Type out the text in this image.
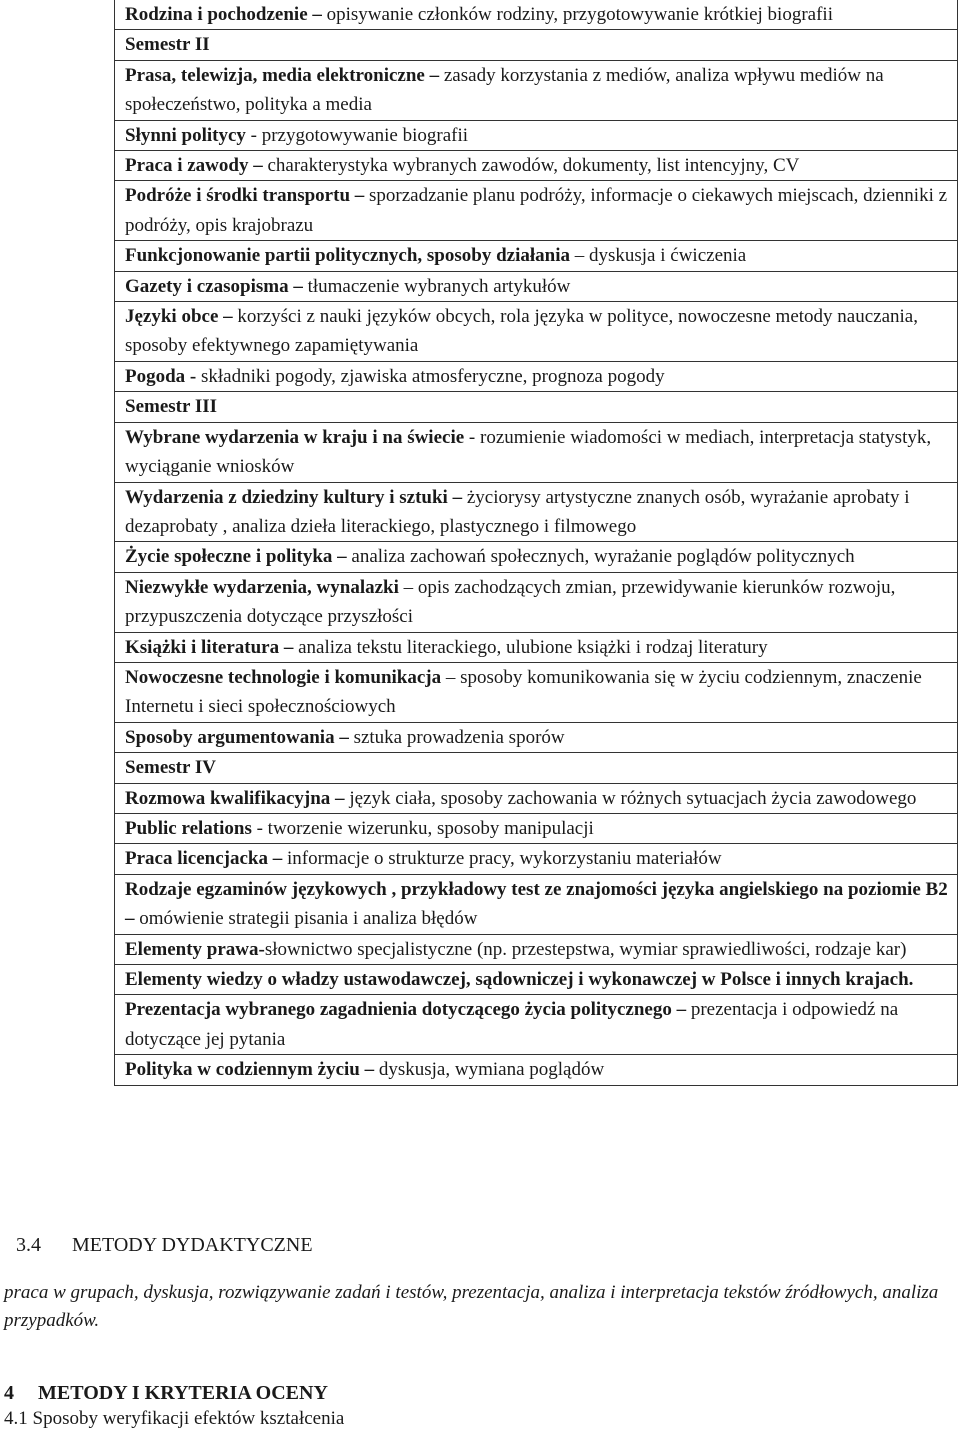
Rodzina i pochodzenie – opisywanie członków rodziny, przygotowywanie krótkiej biografii
Semestr II
Prasa, telewizja, media elektroniczne – zasady korzystania z mediów, analiza wpływu mediów na społeczeństwo, polityka a media
Słynni politycy - przygotowywanie biografii
Praca i zawody – charakterystyka wybranych zawodów, dokumenty, list intencyjny, CV
Podróże i środki transportu – sporzadzanie planu podróży, informacje o ciekawych miejscach, dzienniki z podróży, opis krajobrazu
Funkcjonowanie partii politycznych, sposoby działania – dyskusja i ćwiczenia
Gazety i czasopisma – tłumaczenie wybranych artykułów
Języki obce – korzyści z nauki języków obcych, rola języka w polityce, nowoczesne metody nauczania, sposoby efektywnego zapamiętywania
Pogoda - składniki pogody, zjawiska atmosferyczne, prognoza pogody
Semestr III
Wybrane wydarzenia w kraju i na świecie - rozumienie wiadomości w mediach, interpretacja statystyk, wyciąganie wniosków
Wydarzenia z dziedziny kultury i sztuki – życiorysy artystyczne znanych osób, wyrażanie aprobaty i dezaprobaty , analiza dzieła literackiego, plastycznego i filmowego
Życie społeczne i polityka – analiza zachowań społecznych, wyrażanie poglądów politycznych
Niezwykłe wydarzenia, wynalazki – opis zachodzących zmian, przewidywanie kierunków rozwoju, przypuszczenia dotyczące przyszłości
Książki i literatura – analiza tekstu literackiego, ulubione książki i rodzaj literatury
Nowoczesne technologie i komunikacja – sposoby komunikowania się w życiu codziennym, znaczenie Internetu i sieci społecznościowych
Sposoby argumentowania – sztuka prowadzenia sporów
Semestr IV
Rozmowa kwalifikacyjna – język ciała, sposoby zachowania w różnych sytuacjach życia zawodowego
Public relations - tworzenie wizerunku, sposoby manipulacji
Praca licencjacka – informacje o strukturze pracy, wykorzystaniu materiałów
Rodzaje egzaminów językowych , przykładowy test ze znajomości języka angielskiego na poziomie B2 – omówienie strategii pisania i analiza błędów
Elementy prawa-słownictwo specjalistyczne (np. przestepstwa, wymiar sprawiedliwości, rodzaje kar)
Elementy wiedzy o władzy ustawodawczej, sądowniczej i wykonawczej w Polsce i innych krajach.
Prezentacja wybranego zagadnienia dotyczącego życia politycznego – prezentacja i odpowiedź na dotyczące jej pytania
Polityka w codziennym życiu – dyskusja, wymiana poglądów
3.4 METODY DYDAKTYCZNE
praca w grupach, dyskusja, rozwiązywanie zadań i testów, prezentacja, analiza i interpretacja tekstów źródłowych, analiza przypadków.
4 METODY I KRYTERIA OCENY
4.1 Sposoby weryfikacji efektów kształcenia
